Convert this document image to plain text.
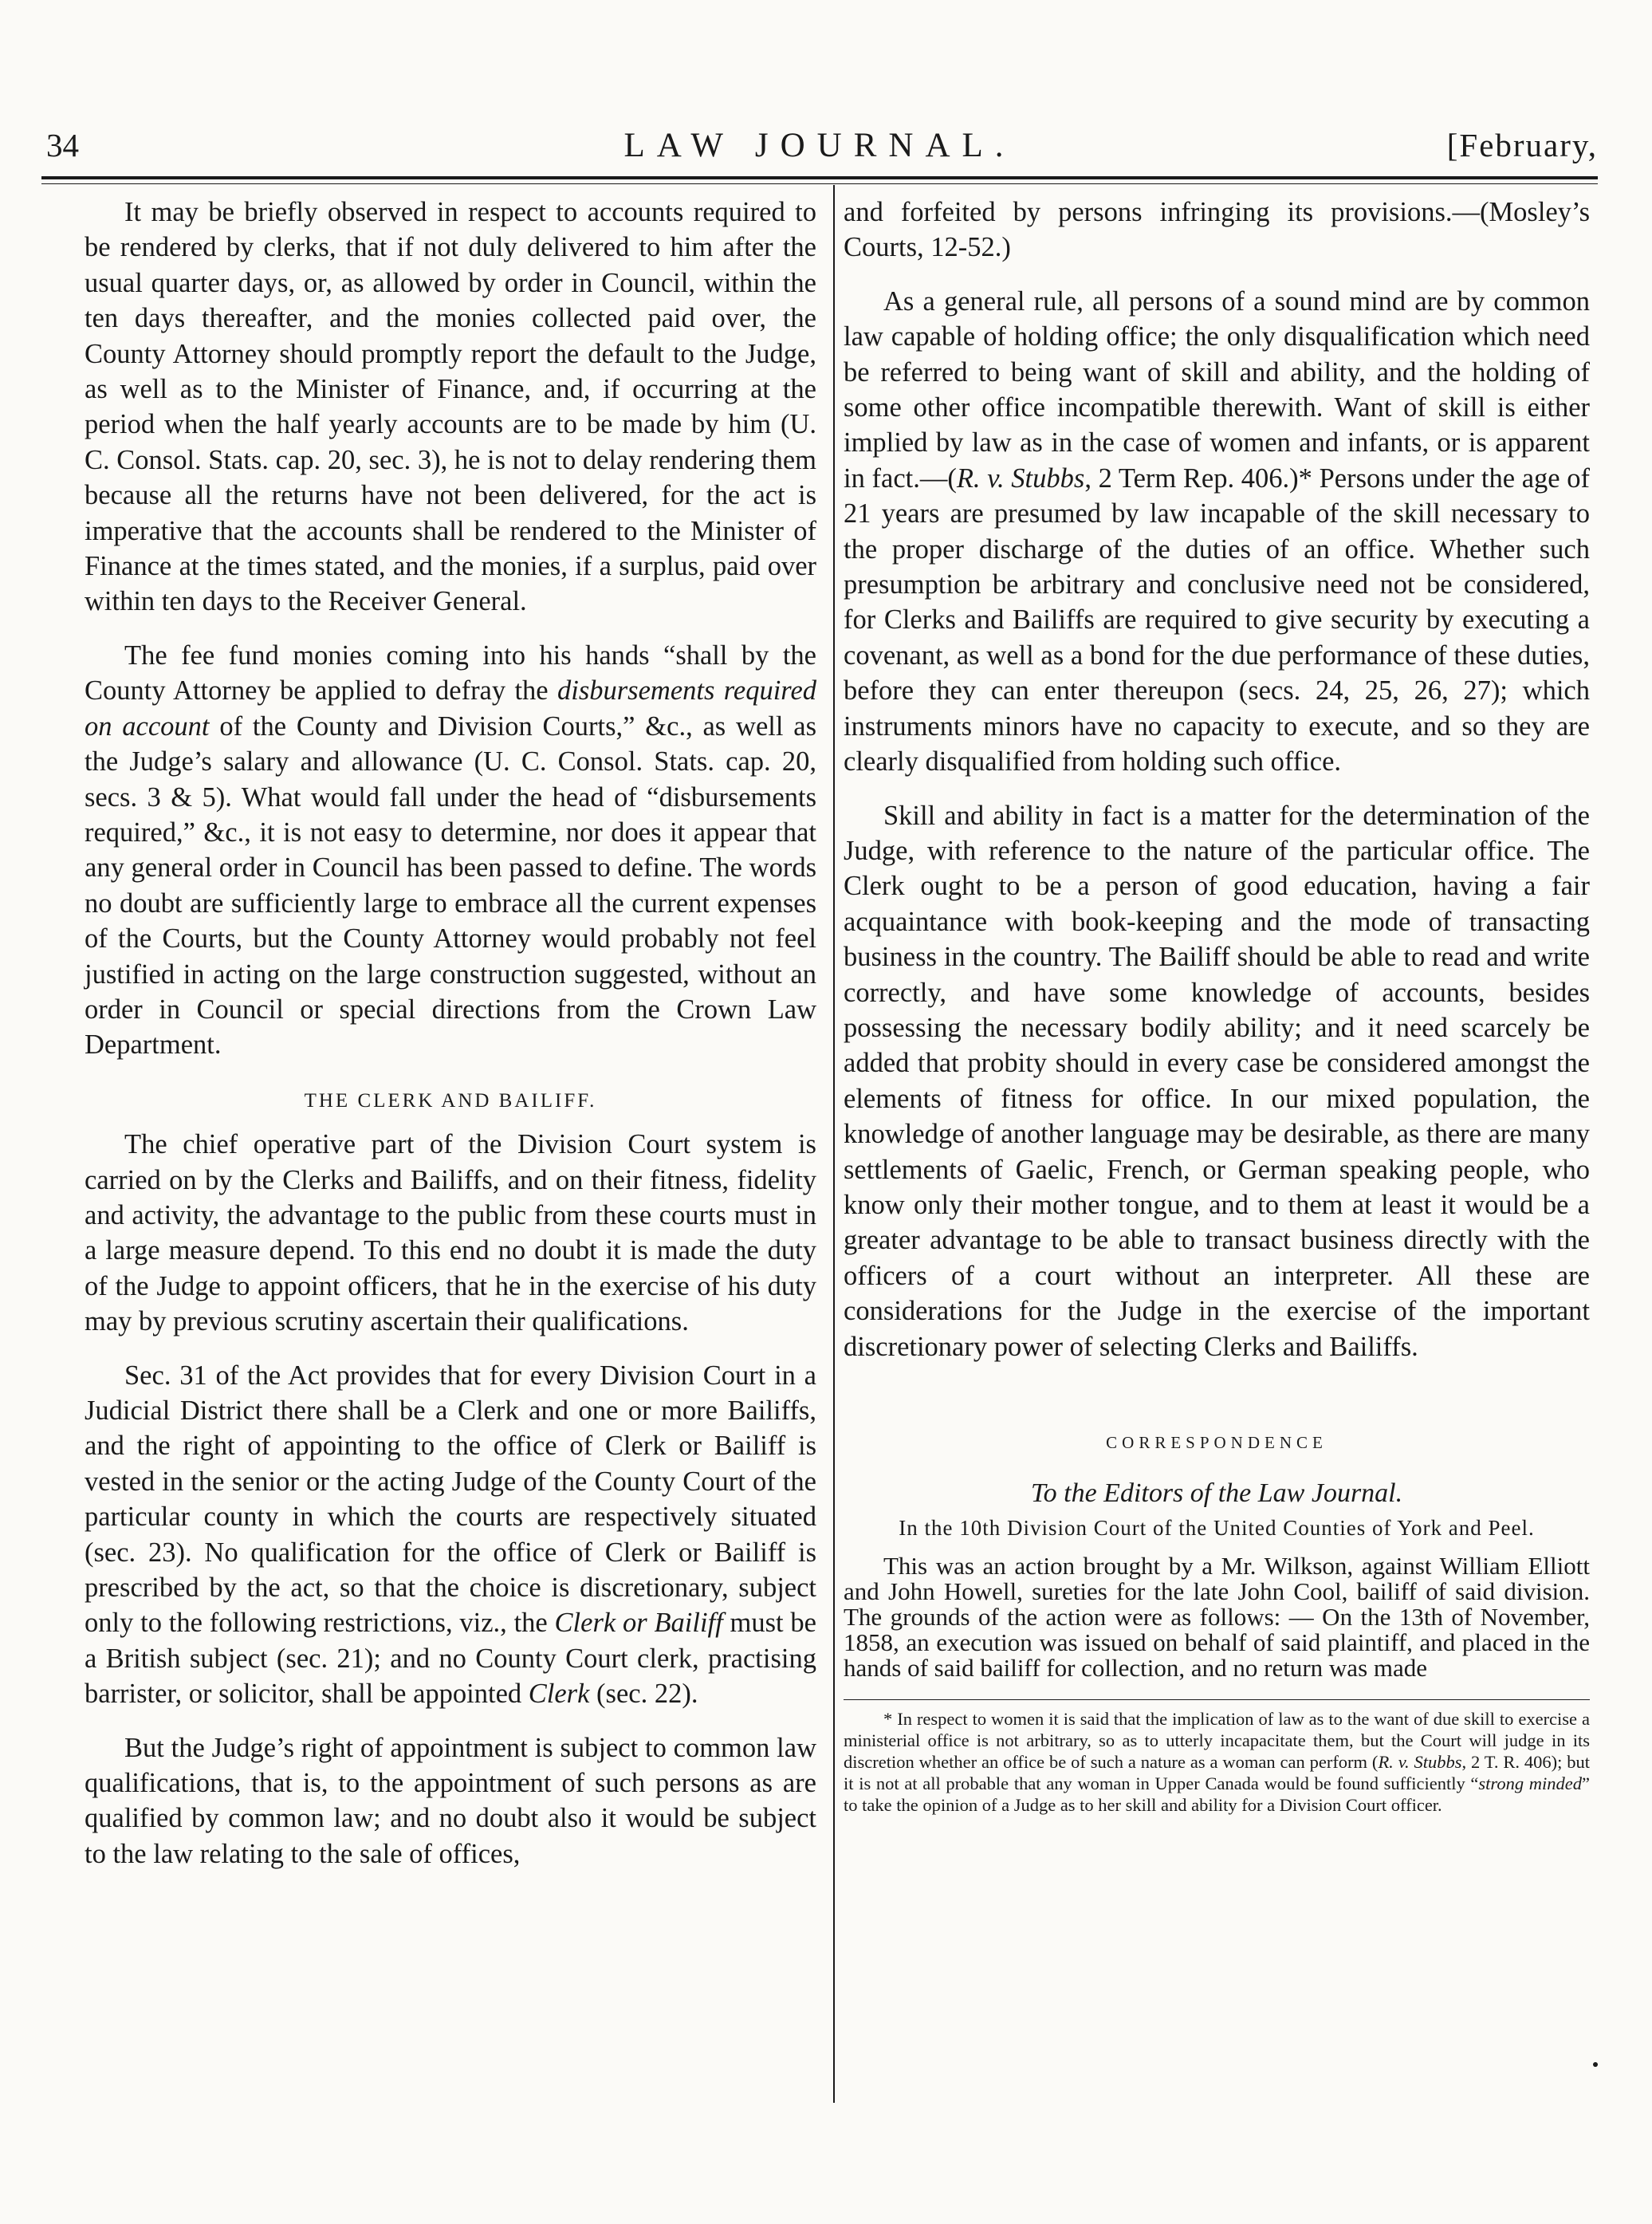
34	LAW JOURNAL.	[February,

It may be briefly observed in respect to accounts required to be rendered by clerks, that if not duly delivered to him after the usual quarter days, or, as allowed by order in Council, within the ten days thereafter, and the monies collected paid over, the County Attorney should promptly report the default to the Judge, as well as to the Minister of Finance, and, if occurring at the period when the half yearly accounts are to be made by him (U. C. Consol. Stats. cap. 20, sec. 3), he is not to delay rendering them because all the returns have not been delivered, for the act is imperative that the accounts shall be rendered to the Minister of Finance at the times stated, and the monies, if a surplus, paid over within ten days to the Receiver General.

The fee fund monies coming into his hands “shall by the County Attorney be applied to defray the disbursements required on account of the County and Division Courts,” &c., as well as the Judge’s salary and allowance (U. C. Consol. Stats. cap. 20, secs. 3 & 5). What would fall under the head of “disbursements required,” &c., it is not easy to determine, nor does it appear that any general order in Council has been passed to define. The words no doubt are sufficiently large to embrace all the current expenses of the Courts, but the County Attorney would probably not feel justified in acting on the large construction suggested, without an order in Council or special directions from the Crown Law Department.

THE CLERK AND BAILIFF.

The chief operative part of the Division Court system is carried on by the Clerks and Bailiffs, and on their fitness, fidelity and activity, the advantage to the public from these courts must in a large measure depend. To this end no doubt it is made the duty of the Judge to appoint officers, that he in the exercise of his duty may by previous scrutiny ascertain their qualifications.

Sec. 31 of the Act provides that for every Division Court in a Judicial District there shall be a Clerk and one or more Bailiffs, and the right of appointing to the office of Clerk or Bailiff is vested in the senior or the acting Judge of the County Court of the particular county in which the courts are respectively situated (sec. 23). No qualification for the office of Clerk or Bailiff is prescribed by the act, so that the choice is discretionary, subject only to the following restrictions, viz., the Clerk or Bailiff must be a British subject (sec. 21); and no County Court clerk, practising barrister, or solicitor, shall be appointed Clerk (sec. 22).

But the Judge’s right of appointment is subject to common law qualifications, that is, to the appointment of such persons as are qualified by common law; and no doubt also it would be subject to the law relating to the sale of offices,

and forfeited by persons infringing its provisions.—(Mosley’s Courts, 12-52.)

As a general rule, all persons of a sound mind are by common law capable of holding office; the only disqualification which need be referred to being want of skill and ability, and the holding of some other office incompatible therewith. Want of skill is either implied by law as in the case of women and infants, or is apparent in fact.—(R. v. Stubbs, 2 Term Rep. 406.)* Persons under the age of 21 years are presumed by law incapable of the skill necessary to the proper discharge of the duties of an office. Whether such presumption be arbitrary and conclusive need not be considered, for Clerks and Bailiffs are required to give security by executing a covenant, as well as a bond for the due performance of these duties, before they can enter thereupon (secs. 24, 25, 26, 27); which instruments minors have no capacity to execute, and so they are clearly disqualified from holding such office.

Skill and ability in fact is a matter for the determination of the Judge, with reference to the nature of the particular office. The Clerk ought to be a person of good education, having a fair acquaintance with book-keeping and the mode of transacting business in the country. The Bailiff should be able to read and write correctly, and have some knowledge of accounts, besides possessing the necessary bodily ability; and it need scarcely be added that probity should in every case be considered amongst the elements of fitness for office. In our mixed population, the knowledge of another language may be desirable, as there are many settlements of Gaelic, French, or German speaking people, who know only their mother tongue, and to them at least it would be a greater advantage to be able to transact business directly with the officers of a court without an interpreter. All these are considerations for the Judge in the exercise of the important discretionary power of selecting Clerks and Bailiffs.

CORRESPONDENCE
To the Editors of the Law Journal.
In the 10th Division Court of the United Counties of York and Peel.

This was an action brought by a Mr. Wilkson, against William Elliott and John Howell, sureties for the late John Cool, bailiff of said division. The grounds of the action were as follows: — On the 13th of November, 1858, an execution was issued on behalf of said plaintiff, and placed in the hands of said bailiff for collection, and no return was made

* In respect to women it is said that the implication of law as to the want of due skill to exercise a ministerial office is not arbitrary, so as to utterly incapacitate them, but the Court will judge in its discretion whether an office be of such a nature as a woman can perform (R. v. Stubbs, 2 T. R. 406); but it is not at all probable that any woman in Upper Canada would be found sufficiently “strong minded” to take the opinion of a Judge as to her skill and ability for a Division Court officer.
